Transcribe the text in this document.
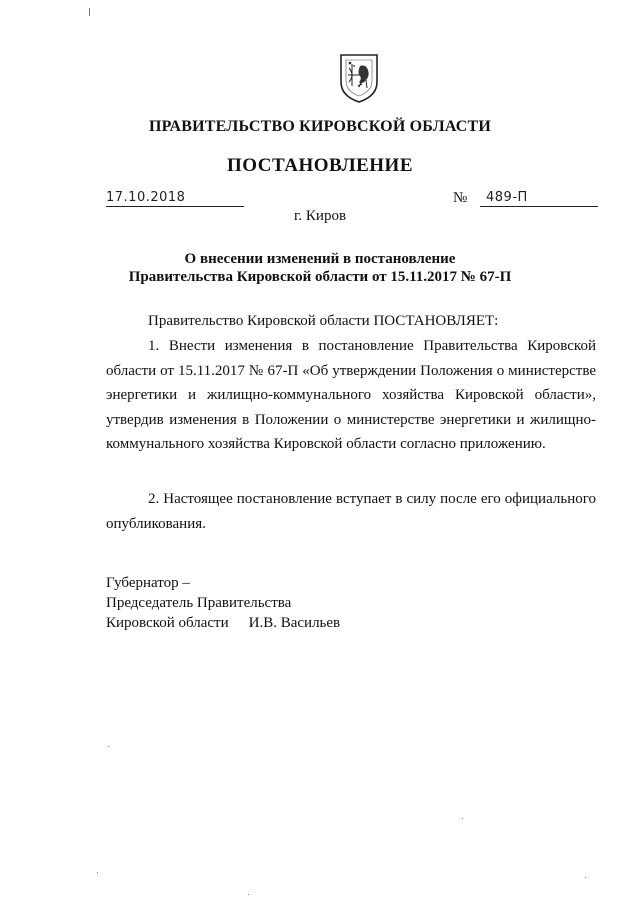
ПРАВИТЕЛЬСТВО КИРОВСКОЙ ОБЛАСТИ
ПОСТАНОВЛЕНИЕ
17.10.2018	№ 489-П
г. Киров
О внесении изменений в постановление
Правительства Кировской области от 15.11.2017 № 67-П
Правительство Кировской области ПОСТАНОВЛЯЕТ:
1. Внести изменения в постановление Правительства Кировской области от 15.11.2017 № 67-П «Об утверждении Положения о министерстве энергетики и жилищно-коммунального хозяйства Кировской области», утвердив изменения в Положении о министерстве энергетики и жилищно-коммунального хозяйства Кировской области согласно приложению.
2. Настоящее постановление вступает в силу после его официального опубликования.
Губернатор –
Председатель Правительства
Кировской области И.В. Васильев
